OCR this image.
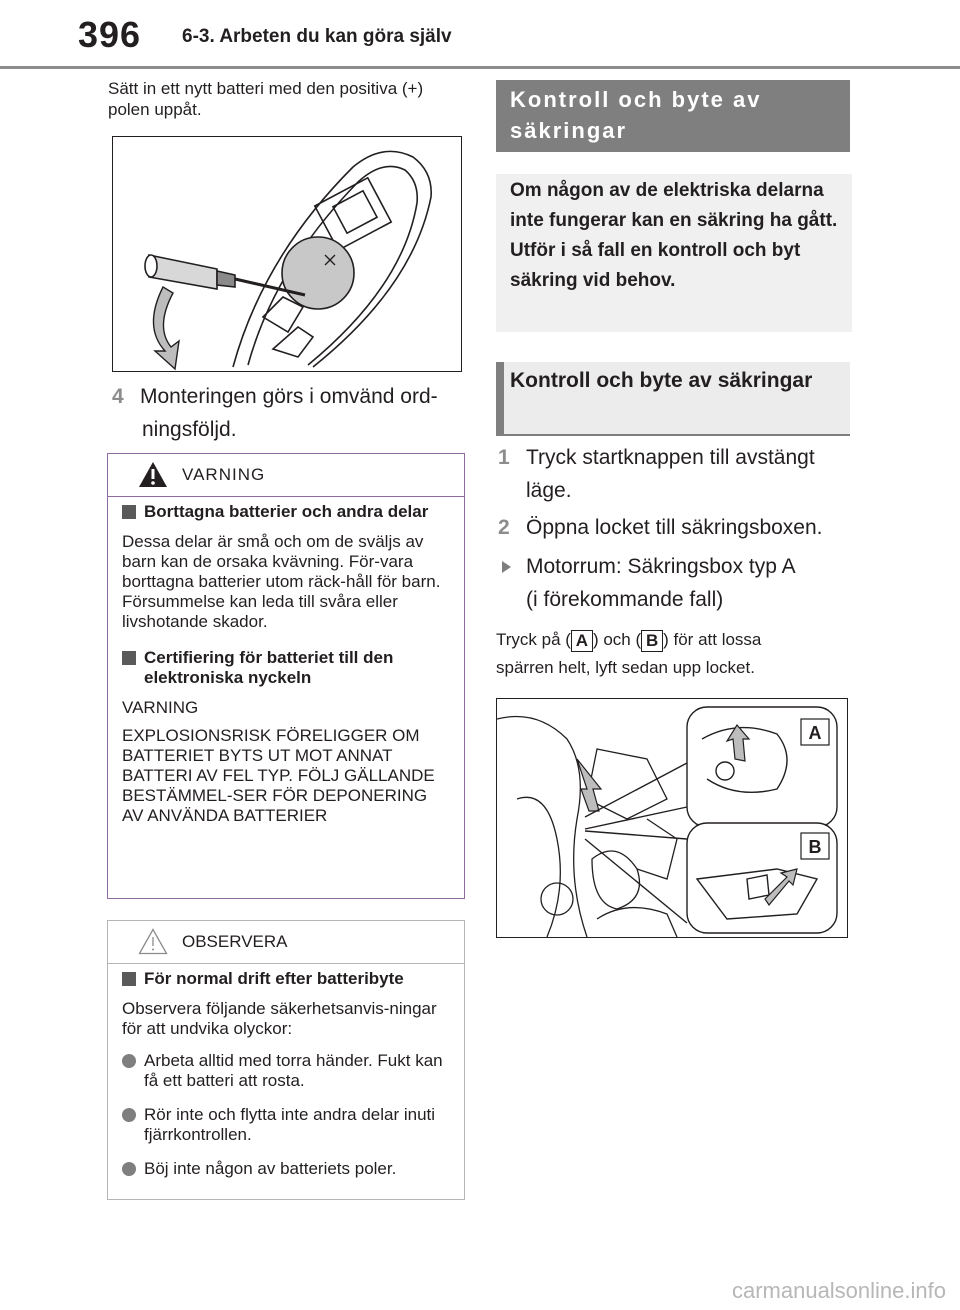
396 6-3. Arbeten du kan göra själv
Sätt in ett nytt batteri med den positiva (+) polen uppåt.
4 Monteringen görs i omvänd ord-
ningsföljd.
VARNING
Borttagna batterier och andra delar
Dessa delar är små och om de sväljs av barn kan de orsaka kvävning. För-vara borttagna batterier utom räck-håll för barn. Försummelse kan leda till svåra eller livshotande skador.
Certifiering för batteriet till den elektroniska nyckeln
VARNING
EXPLOSIONSRISK FÖRELIGGER OM BATTERIET BYTS UT MOT ANNAT BATTERI AV FEL TYP. FÖLJ GÄLLANDE BESTÄMMEL-SER FÖR DEPONERING AV ANVÄNDA BATTERIER
OBSERVERA
För normal drift efter batteribyte
Observera följande säkerhetsanvis-ningar för att undvika olyckor:
Arbeta alltid med torra händer. Fukt kan få ett batteri att rosta.
Rör inte och flytta inte andra delar inuti fjärrkontrollen.
Böj inte någon av batteriets poler.
Kontroll och byte av säkringar
Om någon av de elektriska delarna inte fungerar kan en säkring ha gått. Utför i så fall en kontroll och byt säkring vid behov.
Kontroll och byte av säkringar
1 Tryck startknappen till avstängt läge.
2 Öppna locket till säkringsboxen.
Motorrum: Säkringsbox typ A
(i förekommande fall)
Tryck på ( A ) och ( B ) för att lossa
spärren helt, lyft sedan upp locket.
A
B
carmanualsonline.info
